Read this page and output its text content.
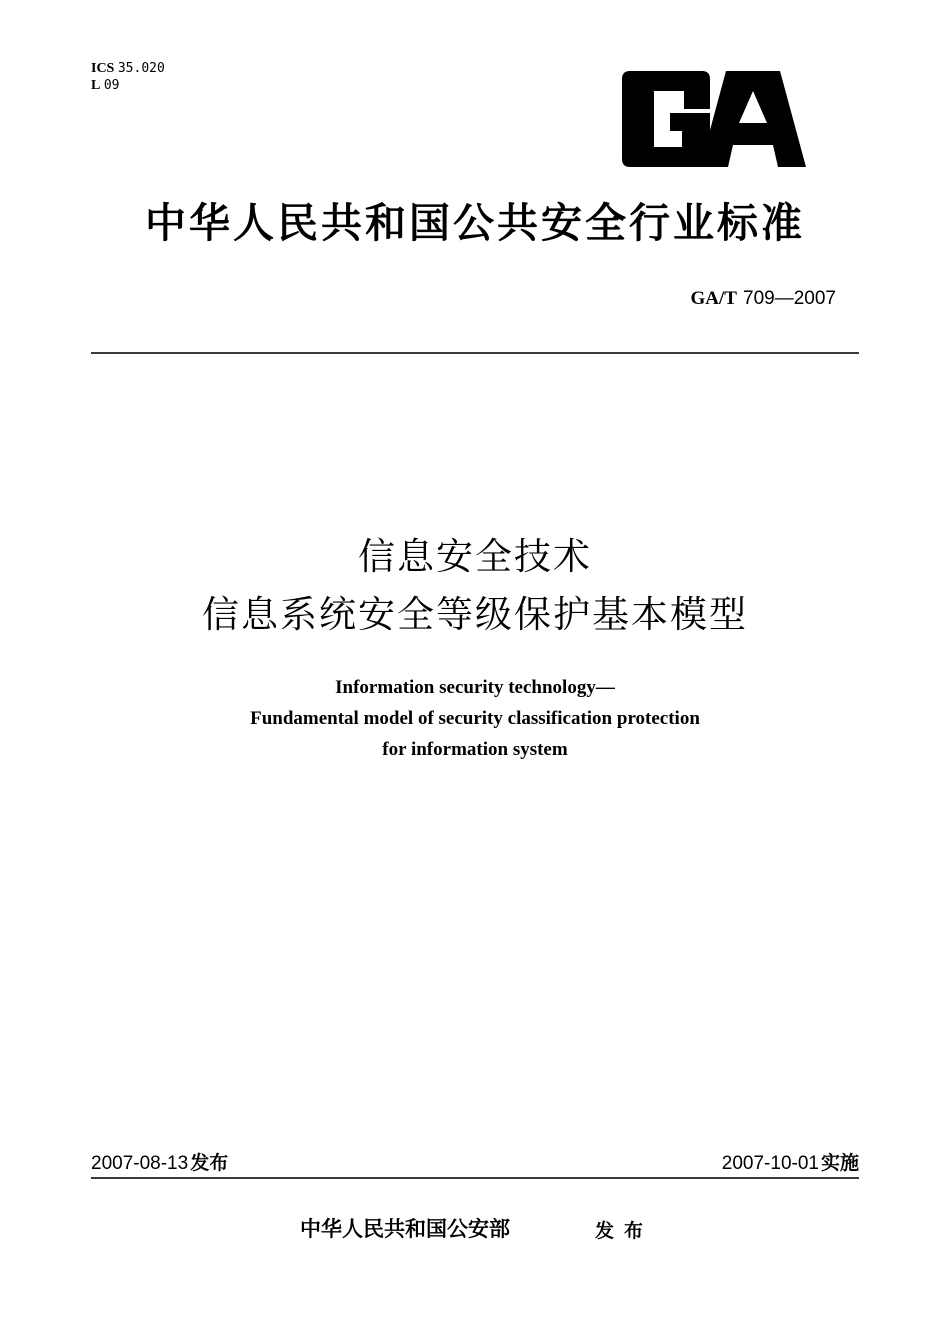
ICS 35.020
L 09
中华人民共和国公共安全行业标准
GA/T 709—2007
信息安全技术
信息系统安全等级保护基本模型
Information security technology—
Fundamental model of security classification protection
for information system
2007-08-13 发布	2007-10-01 实施
中华人民共和国公安部	发布
